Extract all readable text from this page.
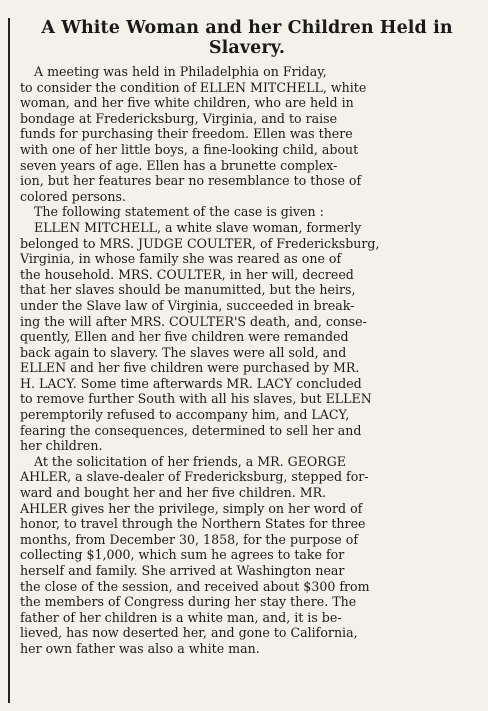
A White Woman and her Children Held in
Slavery.

A meeting was held in Philadelphia on Friday,
to consider the condition of ELLEN MITCHELL, white
woman, and her five white children, who are held in
bondage at Fredericksburg, Virginia, and to raise
funds for purchasing their freedom. Ellen was there
with one of her little boys, a fine-looking child, about
seven years of age. Ellen has a brunette complex-
ion, but her features bear no resemblance to those of
colored persons.

The following statement of the case is given :

ELLEN MITCHELL, a white slave woman, formerly
belonged to MRS. JUDGE COULTER, of Fredericksburg,
Virginia, in whose family she was reared as one of
the household. MRS. COULTER, in her will, decreed
that her slaves should be manumitted, but the heirs,
under the Slave law of Virginia, succeeded in break-
ing the will after MRS. COULTER'S death, and, conse-
quently, Ellen and her five children were remanded
back again to slavery. The slaves were all sold, and
ELLEN and her five children were purchased by MR.
H. LACY. Some time afterwards MR. LACY concluded
to remove further South with all his slaves, but ELLEN
peremptorily refused to accompany him, and LACY,
fearing the consequences, determined to sell her and
her children.

At the solicitation of her friends, a MR. GEORGE
AHLER, a slave-dealer of Fredericksburg, stepped for-
ward and bought her and her five children. MR.
AHLER gives her the privilege, simply on her word of
honor, to travel through the Northern States for three
months, from December 30, 1858, for the purpose of
collecting $1,000, which sum he agrees to take for
herself and family. She arrived at Washington near
the close of the session, and received about $300 from
the members of Congress during her stay there. The
father of her children is a white man, and, it is be-
lieved, has now deserted her, and gone to California,
her own father was also a white man.
